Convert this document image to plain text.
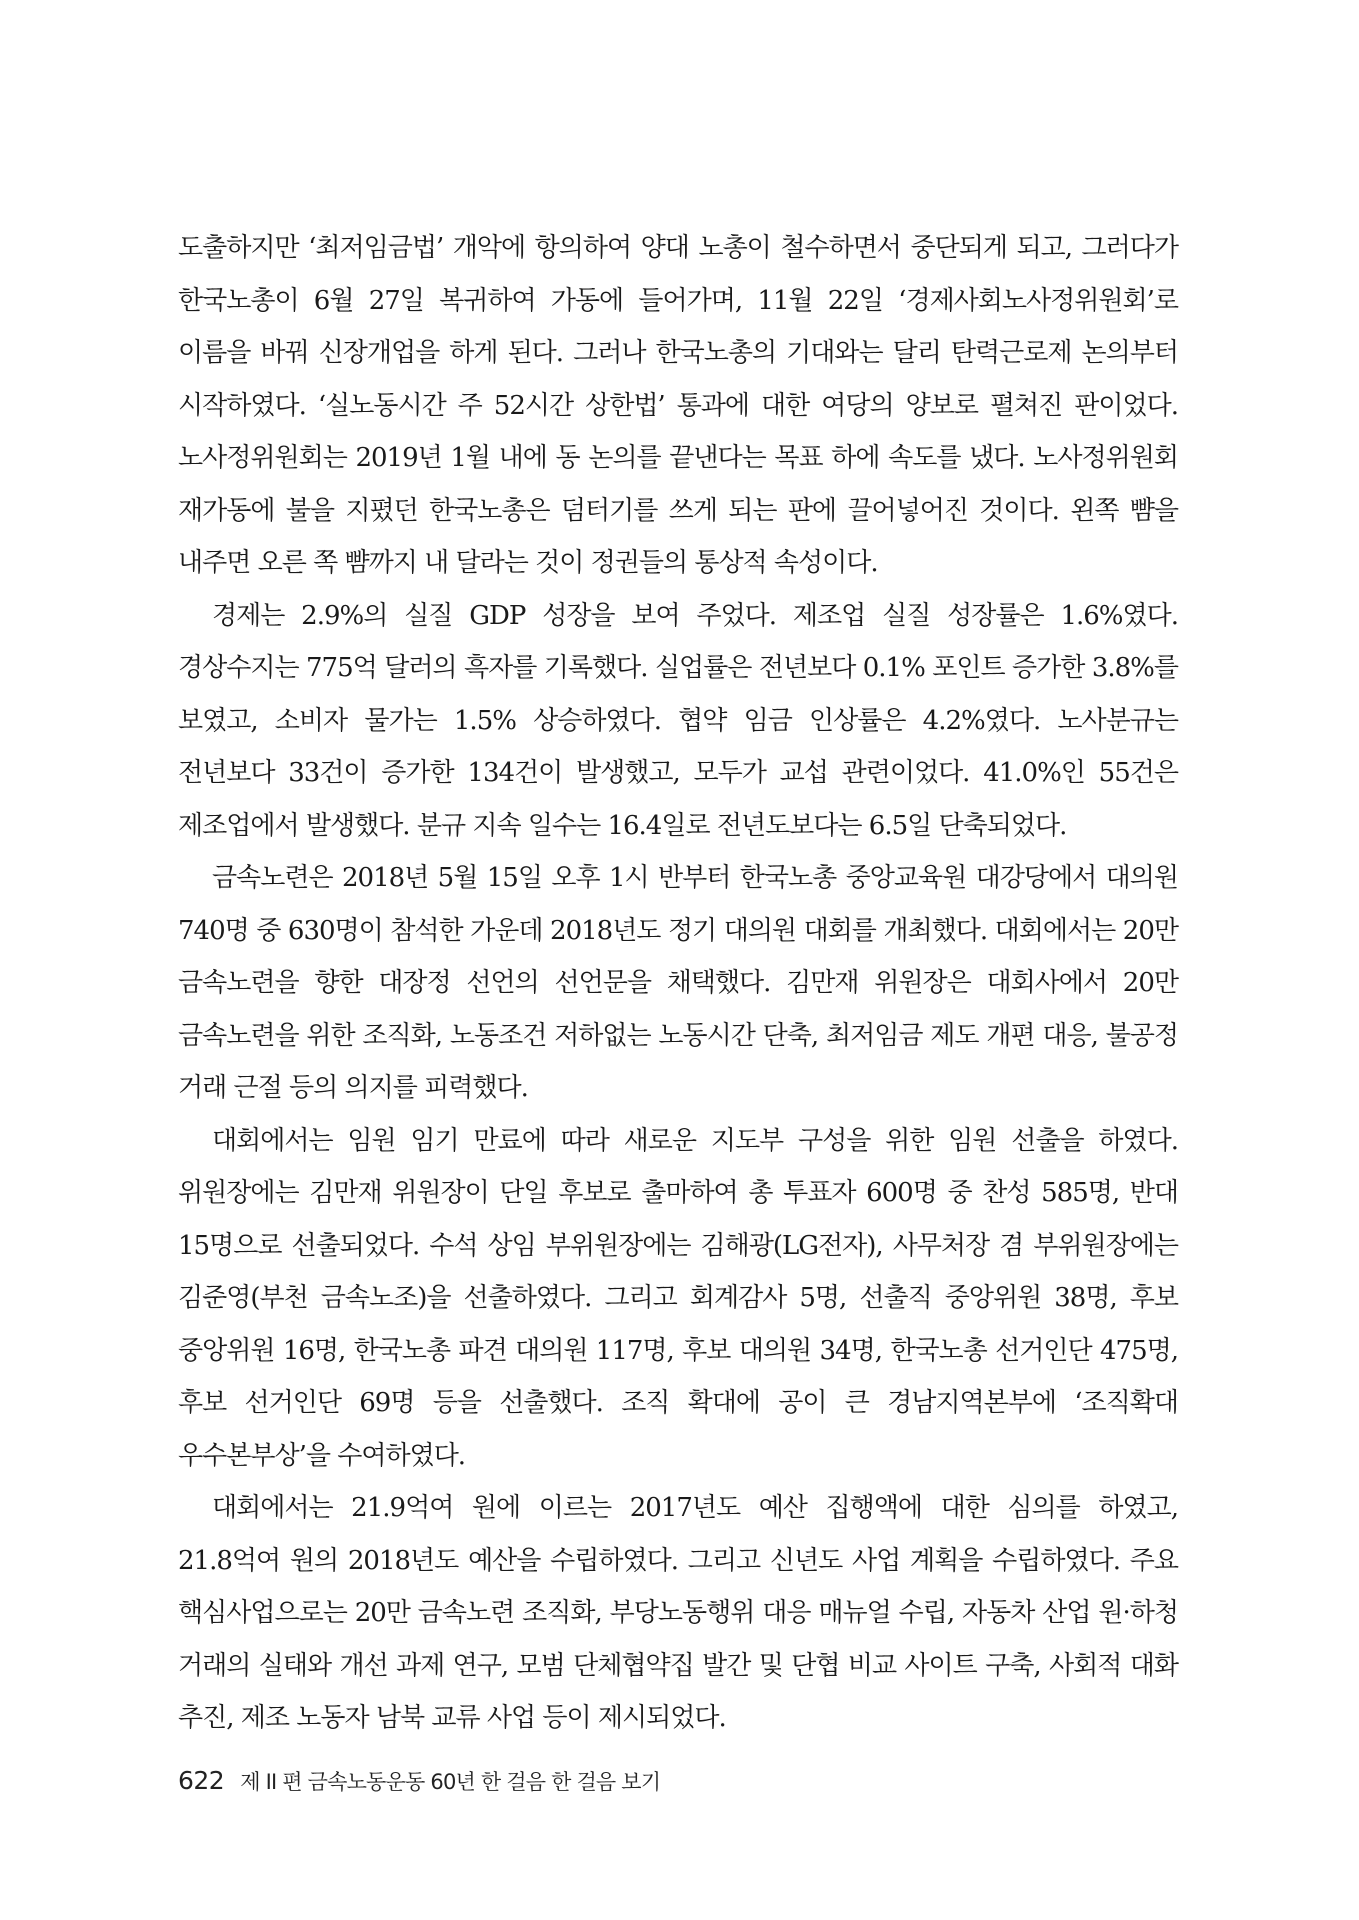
도출하지만 ‘최저임금법’ 개악에 항의하여 양대 노총이 철수하면서 중단되게 되고, 그러다가 한국노총이 6월 27일 복귀하여 가동에 들어가며, 11월 22일 ‘경제사회노사정위원회’로 이름을 바꿔 신장개업을 하게 된다. 그러나 한국노총의 기대와는 달리 탄력근로제 논의부터 시작하였다. ‘실노동시간 주 52시간 상한법’ 통과에 대한 여당의 양보로 펼쳐진 판이었다. 노사정위원회는 2019년 1월 내에 동 논의를 끝낸다는 목표 하에 속도를 냈다. 노사정위원회 재가동에 불을 지폈던 한국노총은 덤터기를 쓰게 되는 판에 끌어넣어진 것이다. 왼쪽 뺨을 내주면 오른 쪽 뺨까지 내 달라는 것이 정권들의 통상적 속성이다.

경제는 2.9%의 실질 GDP 성장을 보여 주었다. 제조업 실질 성장률은 1.6%였다. 경상수지는 775억 달러의 흑자를 기록했다. 실업률은 전년보다 0.1% 포인트 증가한 3.8%를 보였고, 소비자 물가는 1.5% 상승하였다. 협약 임금 인상률은 4.2%였다. 노사분규는 전년보다 33건이 증가한 134건이 발생했고, 모두가 교섭 관련이었다. 41.0%인 55건은 제조업에서 발생했다. 분규 지속 일수는 16.4일로 전년도보다는 6.5일 단축되었다.

금속노련은 2018년 5월 15일 오후 1시 반부터 한국노총 중앙교육원 대강당에서 대의원 740명 중 630명이 참석한 가운데 2018년도 정기 대의원 대회를 개최했다. 대회에서는 20만 금속노련을 향한 대장정 선언의 선언문을 채택했다. 김만재 위원장은 대회사에서 20만 금속노련을 위한 조직화, 노동조건 저하없는 노동시간 단축, 최저임금 제도 개편 대응, 불공정 거래 근절 등의 의지를 피력했다.

대회에서는 임원 임기 만료에 따라 새로운 지도부 구성을 위한 임원 선출을 하였다. 위원장에는 김만재 위원장이 단일 후보로 출마하여 총 투표자 600명 중 찬성 585명, 반대 15명으로 선출되었다. 수석 상임 부위원장에는 김해광(LG전자), 사무처장 겸 부위원장에는 김준영(부천 금속노조)을 선출하였다. 그리고 회계감사 5명, 선출직 중앙위원 38명, 후보 중앙위원 16명, 한국노총 파견 대의원 117명, 후보 대의원 34명, 한국노총 선거인단 475명, 후보 선거인단 69명 등을 선출했다. 조직 확대에 공이 큰 경남지역본부에 ‘조직확대 우수본부상’을 수여하였다.

대회에서는 21.9억여 원에 이르는 2017년도 예산 집행액에 대한 심의를 하였고, 21.8억여 원의 2018년도 예산을 수립하였다. 그리고 신년도 사업 계획을 수립하였다. 주요 핵심사업으로는 20만 금속노련 조직화, 부당노동행위 대응 매뉴얼 수립, 자동차 산업 원·하청 거래의 실태와 개선 과제 연구, 모범 단체협약집 발간 및 단협 비교 사이트 구축, 사회적 대화 추진, 제조 노동자 남북 교류 사업 등이 제시되었다.

622 제 II 편 금속노동운동 60년 한 걸음 한 걸음 보기
